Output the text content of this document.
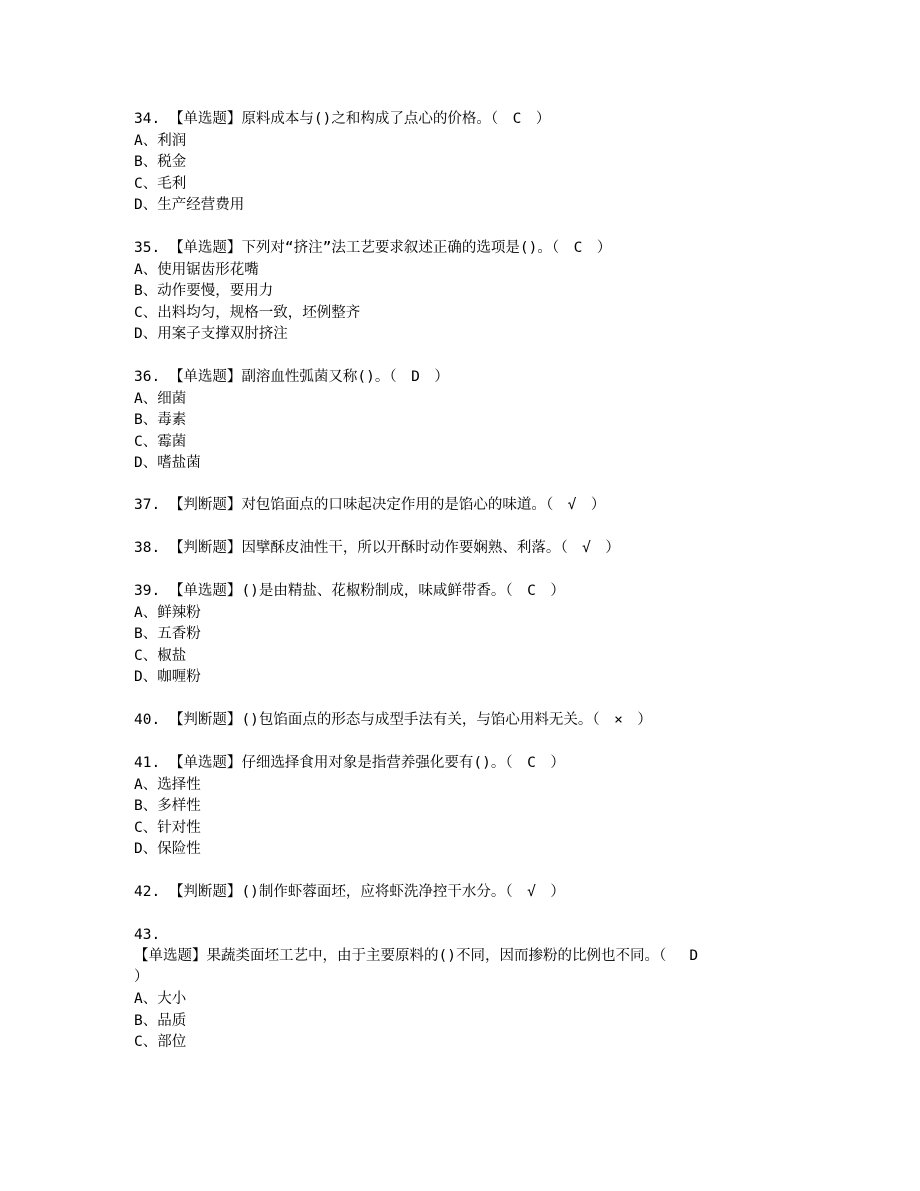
34.  【单选题】原料成本与()之和构成了点心的价格。（　C　）
A、利润
B、税金
C、毛利
D、生产经营费用
35.  【单选题】下列对“挤注”法工艺要求叙述正确的选项是()。（　C　）
A、使用锯齿形花嘴
B、动作要慢，要用力
C、出料均匀，规格一致，坯例整齐
D、用案子支撑双肘挤注
36.  【单选题】副溶血性弧菌又称()。（　D　）
A、细菌
B、毒素
C、霉菌
D、嗜盐菌
37.  【判断题】对包馅面点的口味起决定作用的是馅心的味道。（　√　）
38.  【判断题】因擘酥皮油性干，所以开酥时动作要娴熟、利落。（　√　）
39.  【单选题】()是由精盐、花椒粉制成，味咸鲜带香。（　C　）
A、鲜辣粉
B、五香粉
C、椒盐
D、咖喱粉
40.  【判断题】()包馅面点的形态与成型手法有关，与馅心用料无关。（　×　）
41.  【单选题】仔细选择食用对象是指营养强化要有()。（　C　）
A、选择性
B、多样性
C、针对性
D、保险性
42.  【判断题】()制作虾蓉面坯，应将虾洗净控干水分。（　√　）
43.
【单选题】果蔬类面坯工艺中，由于主要原料的()不同，因而掺粉的比例也不同。（　 D
）
A、大小
B、品质
C、部位
